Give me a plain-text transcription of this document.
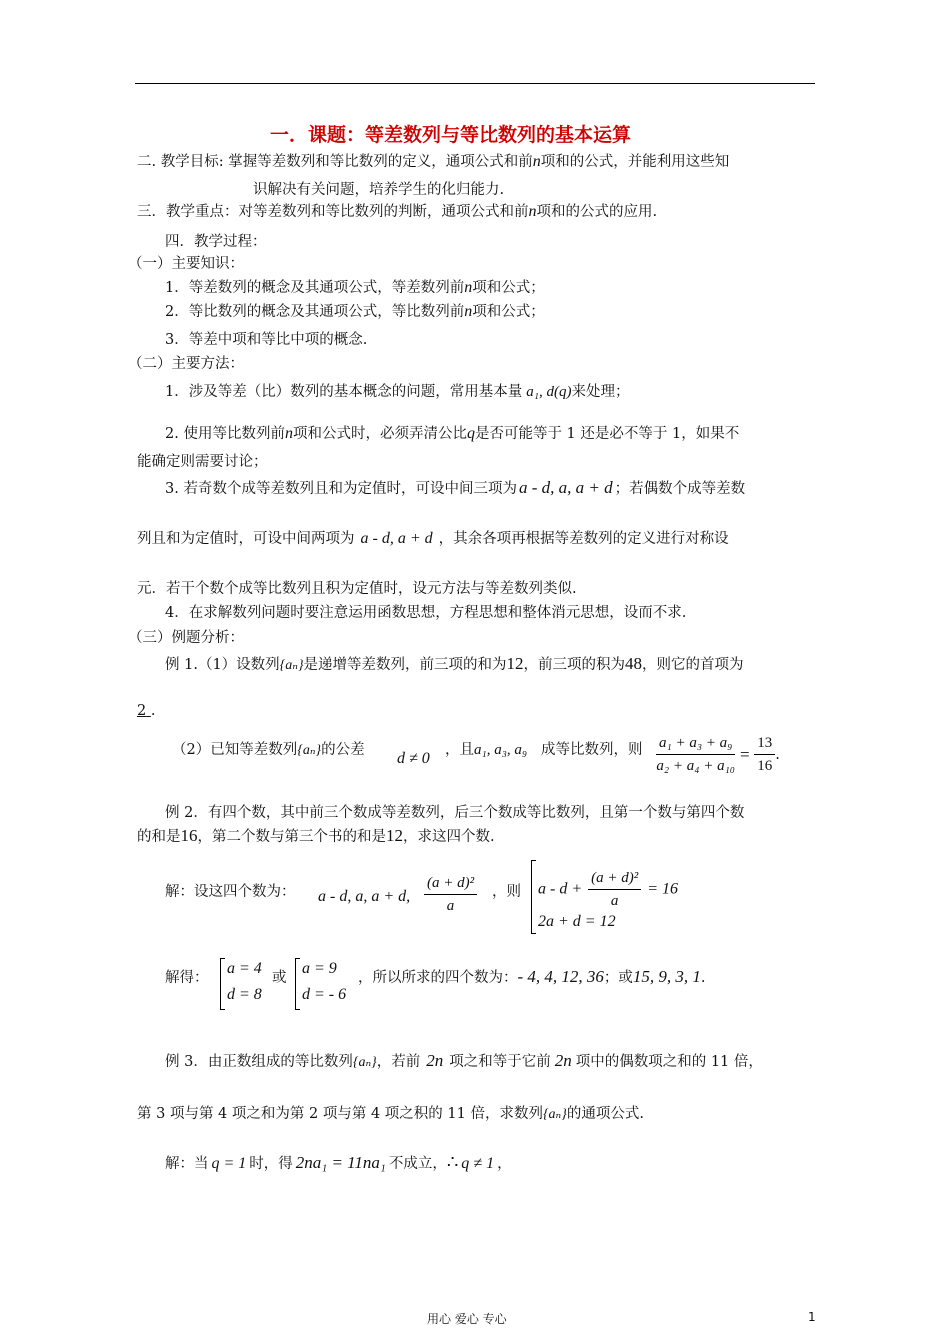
一．课题：等差数列与等比数列的基本运算
二. 教学目标: 掌握等差数列和等比数列的定义，通项公式和前n项和的公式，并能利用这些知
识解决有关问题，培养学生的化归能力.
三．教学重点：对等差数列和等比数列的判断，通项公式和前n项和的公式的应用.
四．教学过程：
（一）主要知识：
1．等差数列的概念及其通项公式，等差数列前n项和公式；
2．等比数列的概念及其通项公式，等比数列前n项和公式；
3．等差中项和等比中项的概念.
（二）主要方法：
1．涉及等差（比）数列的基本概念的问题，常用基本量 a₁, d(q)来处理；
2. 使用等比数列前n项和公式时，必须弄清公比q是否可能等于 1 还是必不等于 1，如果不
能确定则需要讨论；
3. 若奇数个成等差数列且和为定值时，可设中间三项为 a - d, a, a + d ；若偶数个成等差数
列且和为定值时，可设中间两项为 a - d, a + d ，其余各项再根据等差数列的定义进行对称设
元．若干个数个成等比数列且积为定值时，设元方法与等差数列类似.
4．在求解数列问题时要注意运用函数思想，方程思想和整体消元思想，设而不求.
（三）例题分析：
例 1.（1）设数列{aₙ}是递增等差数列，前三项的和为12，前三项的积为48，则它的首项为
2 .
（2）已知等差数列{aₙ}的公差 d ≠ 0 ，且 a₁, a₃, a₉ 成等比数列，则 $\frac{\text{a₁ + a₃ + a₉}}{\text{a₂ + a₄ + a₁₀}} = \frac{13}{16}$ .
例 2．有四个数，其中前三个数成等差数列，后三个数成等比数列，且第一个数与第四个数
的和是16，第二个数与第三个书的和是12，求这四个数.
解：设这四个数为： a - d, a, a + d, $\frac{\text{(a + d)²}}{a}$ ，则 $a - d + \frac{\text{(a + d)²}}{a} = 16$
2a + d = 12
解得：
a = 4
d = 8
或
a = 9
d = - 6
，所以所求的四个数为：- 4, 4, 12, 36；或15, 9, 3, 1.
例 3．由正数组成的等比数列{aₙ}，若前 2n 项之和等于它前 2n 项中的偶数项之和的 11 倍，
第 3 项与第 4 项之和为第 2 项与第 4 项之积的 11 倍，求数列{aₙ}的通项公式.
解：当 q = 1 时，得 2na₁ = 11na₁ 不成立，∴ q ≠ 1 ，
用心 爱心 专心	1
